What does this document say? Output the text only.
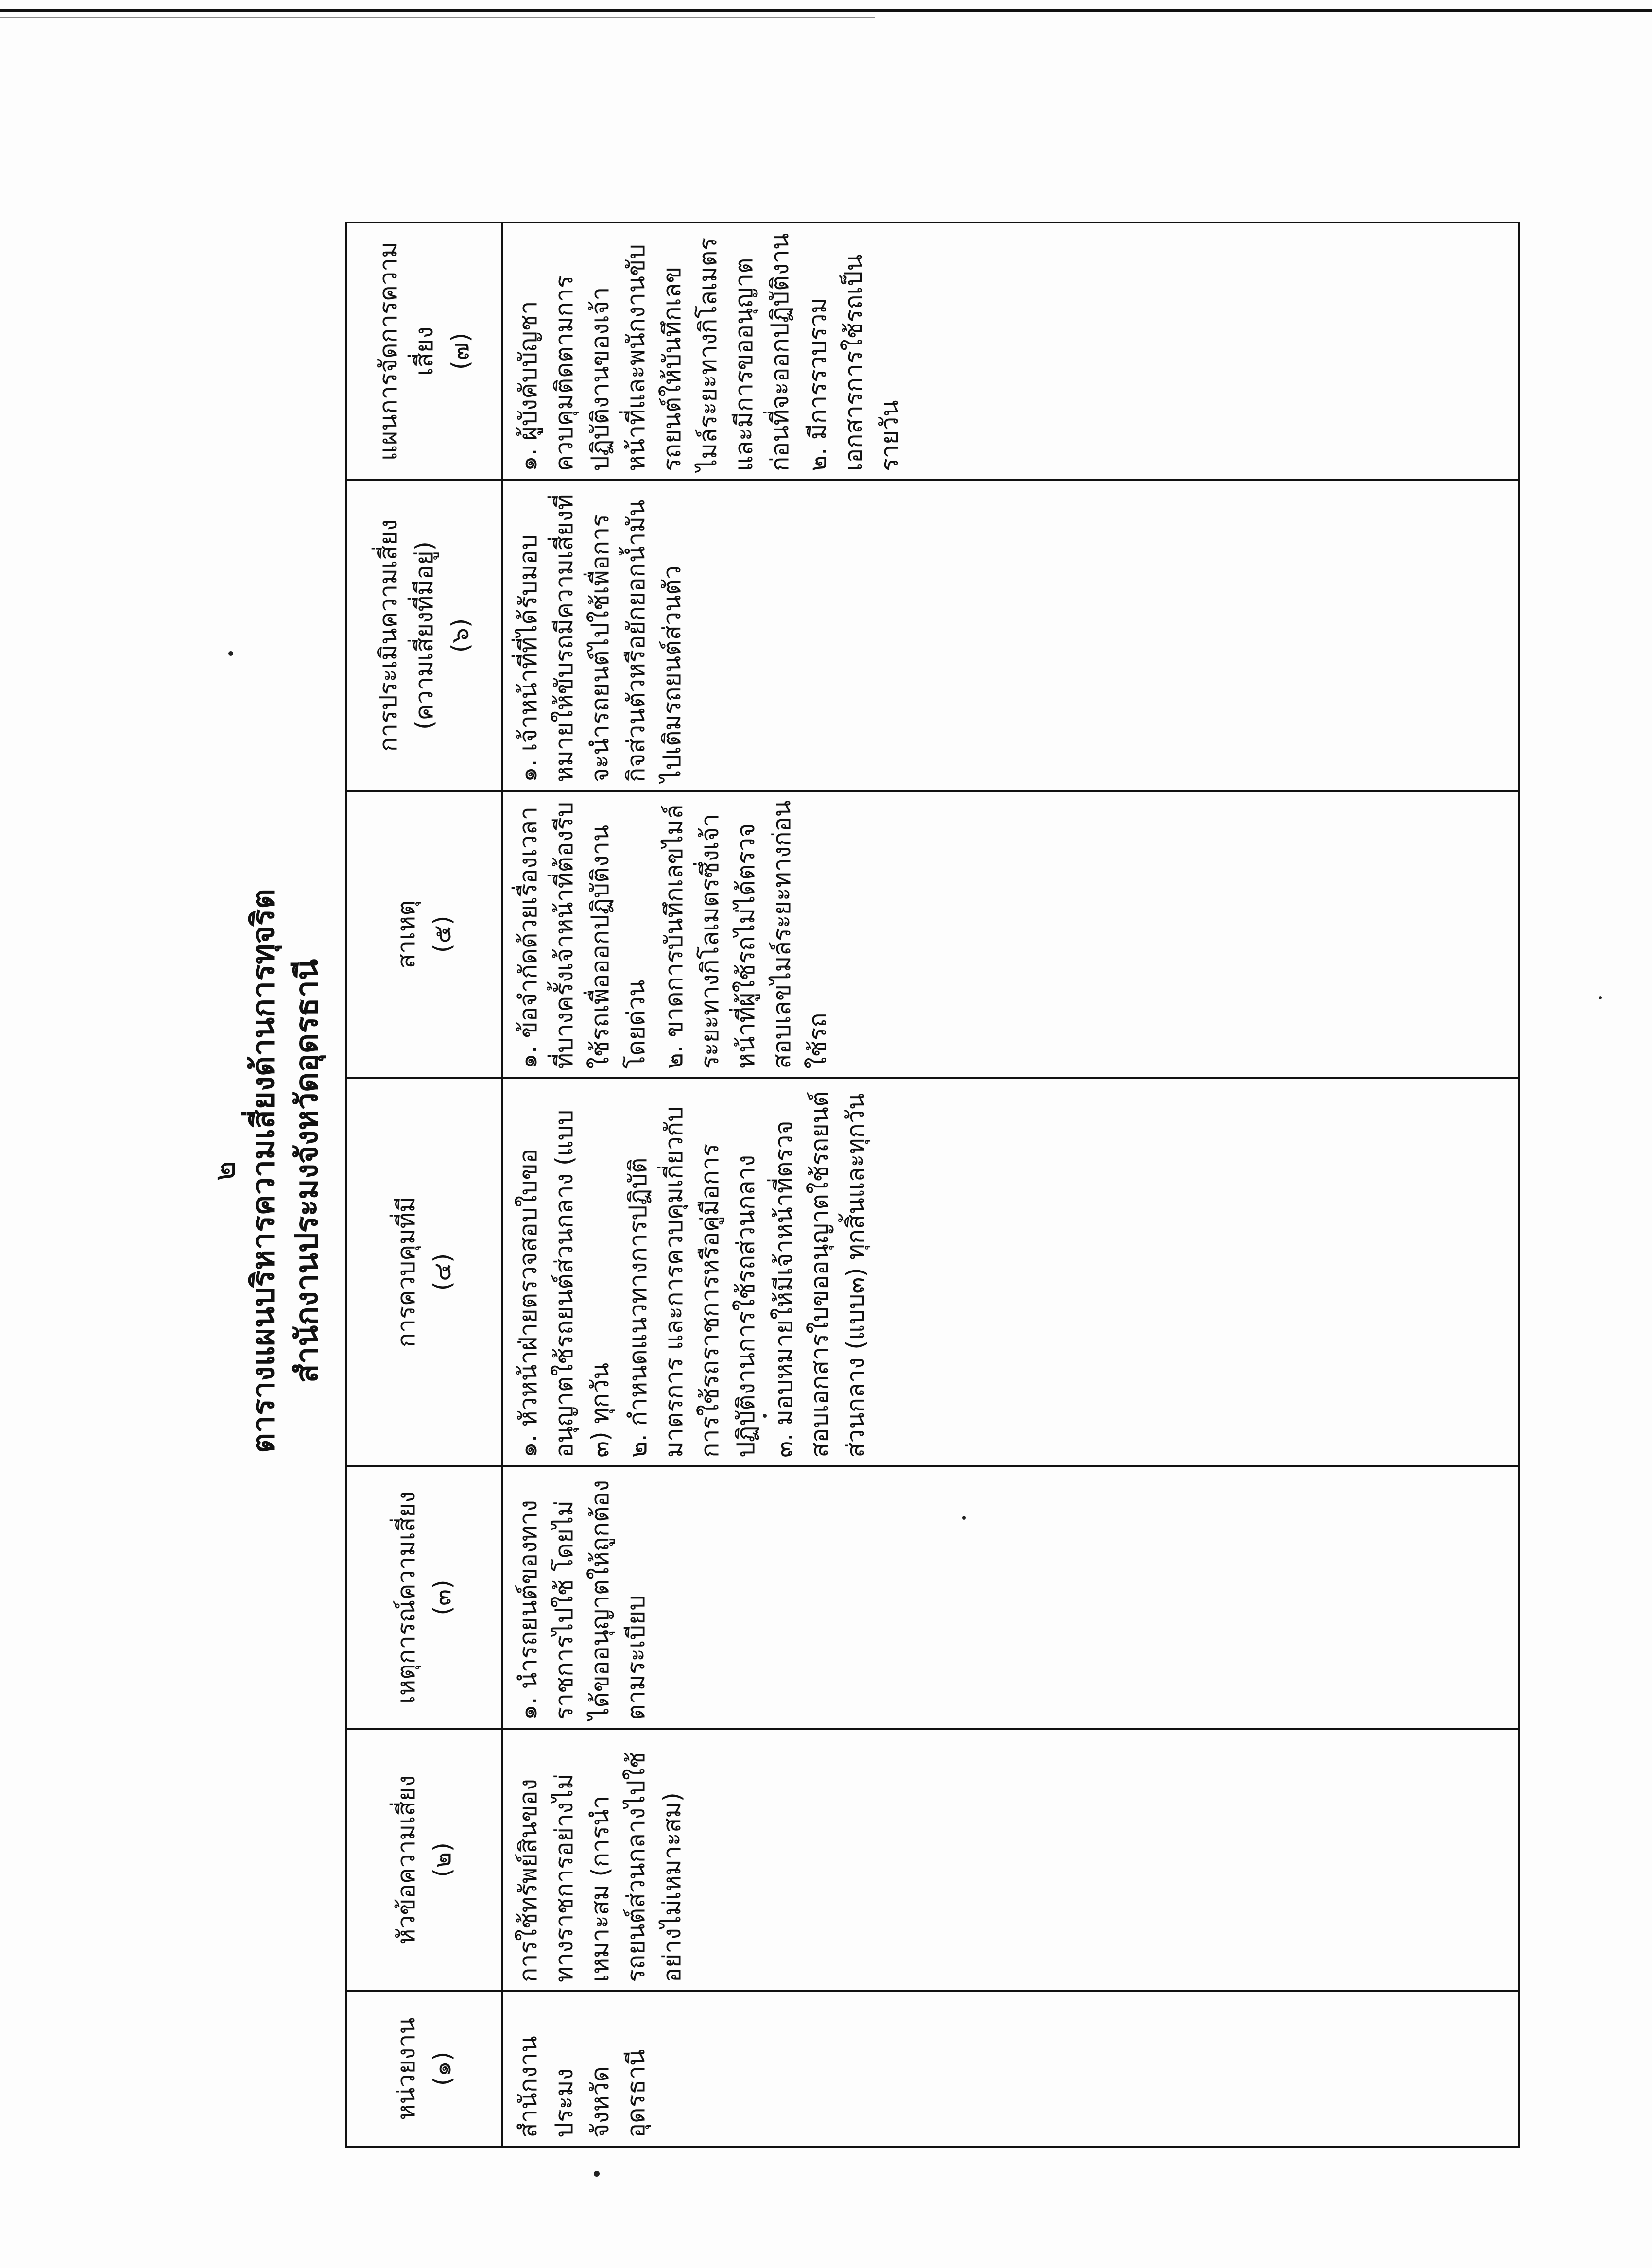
๒ ตารางแผนบริหารความเสี่ยงด้านการทุจริต สำนักงานประมงจังหวัดอุดรธานี
หน่วยงาน (๑)	หัวข้อความเสี่ยง (๒)	เหตุการณ์ความเสี่ยง (๓)	การควบคุมที่มี (๔)	สาเหตุ (๕)	การประเมินความเสี่ยง (ความเสี่ยงที่มีอยู่) (๖)	แผนการจัดการความเสี่ยง (๗)

สำนักงานประมงจังหวัดอุดรธานี	การใช้ทรัพย์สินของทางราชการอย่างไม่เหมาะสม (การนำรถยนต์ส่วนกลางไปใช้อย่างไม่เหมาะสม)	๑. นำรถยนต์ของทางราชการไปใช้ โดยไม่ได้ขออนุญาตให้ถูกต้องตามระเบียบ	๑. หัวหน้าฝ่ายตรวจสอบใบขออนุญาตใช้รถยนต์ส่วนกลาง (แบบ ๓) ทุกวัน ๒. กำหนดแนวทางการปฏิบัติมาตรการ และการควบคุมเกี่ยวกับการใช้รถราชการหรือคู่มือการปฏิบัติงานการใช้รถส่วนกลาง ๓. มอบหมายให้มีเจ้าหน้าที่ตรวจสอบเอกสารใบขออนุญาตใช้รถยนต์ส่วนกลาง (แบบ๓) ทุกสิ้นและทุกวัน	๑. ข้อจำกัดด้วยเรื่องเวลาที่บางครั้งเจ้าหน้าที่ต้องรีบใช้รถเพื่อออกปฏิบัติงานโดยด่วน ๒. ขาดการบันทึกเลขไมล์ระยะทางกิโลเมตรซึ่งเจ้าหน้าที่ผู้ใช้รถไม่ได้ตรวจสอบเลขไมล์ระยะทางก่อนใช้รถ	๑. เจ้าหน้าที่ที่ได้รับมอบหมายให้ขับรถมีความเสี่ยงที่จะนำรถยนต์ไปใช้เพื่อการกิจส่วนตัวหรือยักยอกน้ำมันไปเติมรถยนต์ส่วนตัว	๑. ผู้บังคับบัญชาควบคุมติดตามการปฏิบัติงานของเจ้าหน้าที่และพนักงานขับรถยนต์ให้บันทึกเลขไมล์ระยะทางกิโลเมตรและมีการขออนุญาตก่อนที่จะออกปฏิบัติงาน ๒. มีการรวบรวมเอกสารการใช้รถเป็นรายวัน
